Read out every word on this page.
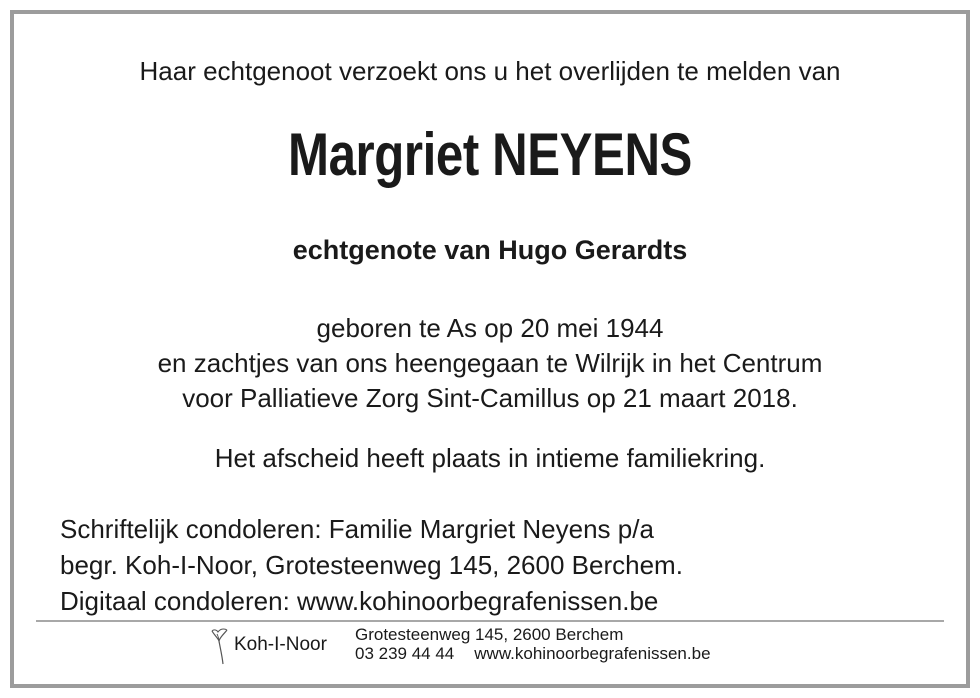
Haar echtgenoot verzoekt ons u het overlijden te melden van
Margriet NEYENS
echtgenote van Hugo Gerardts
geboren te As op 20 mei 1944
en zachtjes van ons heengegaan te Wilrijk in het Centrum
voor Palliatieve Zorg Sint-Camillus op 21 maart 2018.
Het afscheid heeft plaats in intieme familiekring.
Schriftelijk condoleren: Familie Margriet Neyens p/a
begr. Koh-I-Noor, Grotesteenweg 145, 2600 Berchem.
Digitaal condoleren: www.kohinoorbegrafenissen.be
Koh-I-Noor Grotesteenweg 145, 2600 Berchem
03 239 44 44 www.kohinoorbegrafenissen.be
